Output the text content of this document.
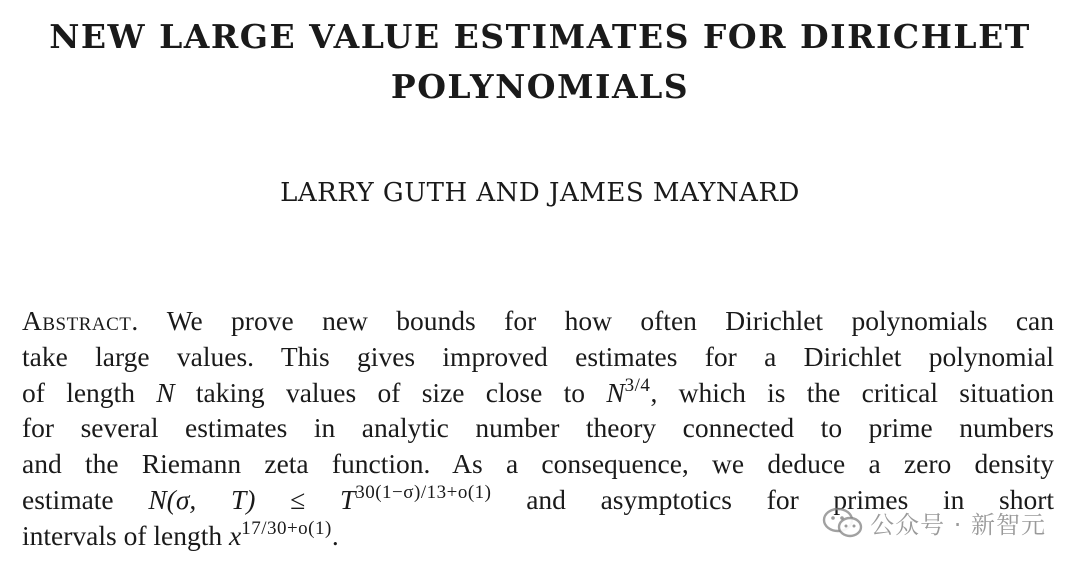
NEW LARGE VALUE ESTIMATES FOR DIRICHLET
POLYNOMIALS
LARRY GUTH AND JAMES MAYNARD
Abstract. We prove new bounds for how often Dirichlet polynomials can
take large values. This gives improved estimates for a Dirichlet polynomial
of length N taking values of size close to $N^{3/4}$, which is the critical situation
for several estimates in analytic number theory connected to prime numbers
and the Riemann zeta function. As a consequence, we deduce a zero density
estimate N(σ, $T) \le T^{30(1-\sigma)/13+o(1)}$ and asymptotics for primes in short
intervals of length $x^{17/30+o(1)}$.	公众号 · 新智元
